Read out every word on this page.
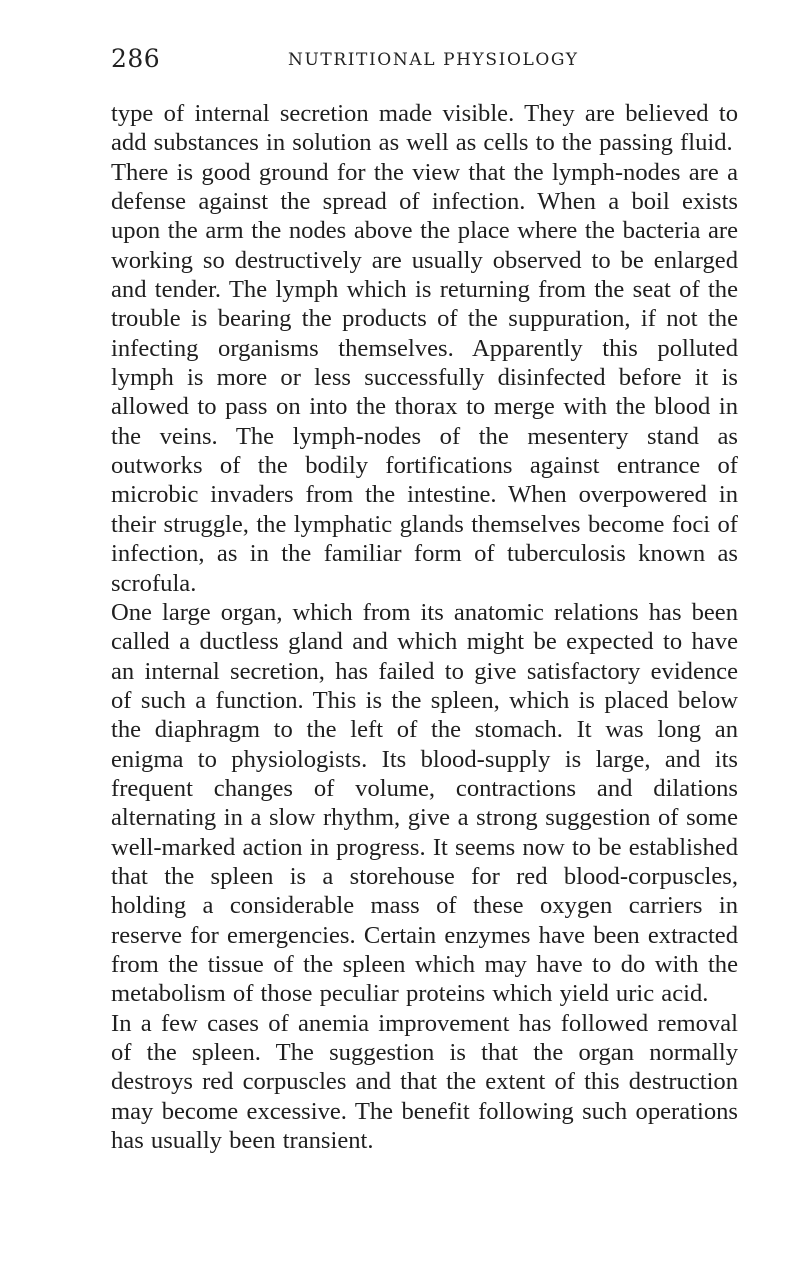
286	NUTRITIONAL PHYSIOLOGY

type of internal secretion made visible. They are believed to add substances in solution as well as cells to the passing fluid.

There is good ground for the view that the lymph-nodes are a defense against the spread of infection. When a boil exists upon the arm the nodes above the place where the bacteria are working so destructively are usually observed to be enlarged and tender. The lymph which is returning from the seat of the trouble is bearing the products of the suppuration, if not the infecting organisms themselves. Apparently this polluted lymph is more or less successfully disinfected before it is allowed to pass on into the thorax to merge with the blood in the veins. The lymph-nodes of the mesentery stand as outworks of the bodily fortifications against entrance of microbic invaders from the intestine. When overpowered in their struggle, the lymphatic glands themselves become foci of infection, as in the familiar form of tuberculosis known as scrofula.

One large organ, which from its anatomic relations has been called a ductless gland and which might be expected to have an internal secretion, has failed to give satisfactory evidence of such a function. This is the spleen, which is placed below the diaphragm to the left of the stomach. It was long an enigma to physiologists. Its blood-supply is large, and its frequent changes of volume, contractions and dilations alternating in a slow rhythm, give a strong suggestion of some well-marked action in progress. It seems now to be established that the spleen is a storehouse for red blood-corpuscles, holding a considerable mass of these oxygen carriers in reserve for emergencies. Certain enzymes have been extracted from the tissue of the spleen which may have to do with the metabolism of those peculiar proteins which yield uric acid.

In a few cases of anemia improvement has followed removal of the spleen. The suggestion is that the organ normally destroys red corpuscles and that the extent of this destruction may become excessive. The benefit following such operations has usually been transient.
